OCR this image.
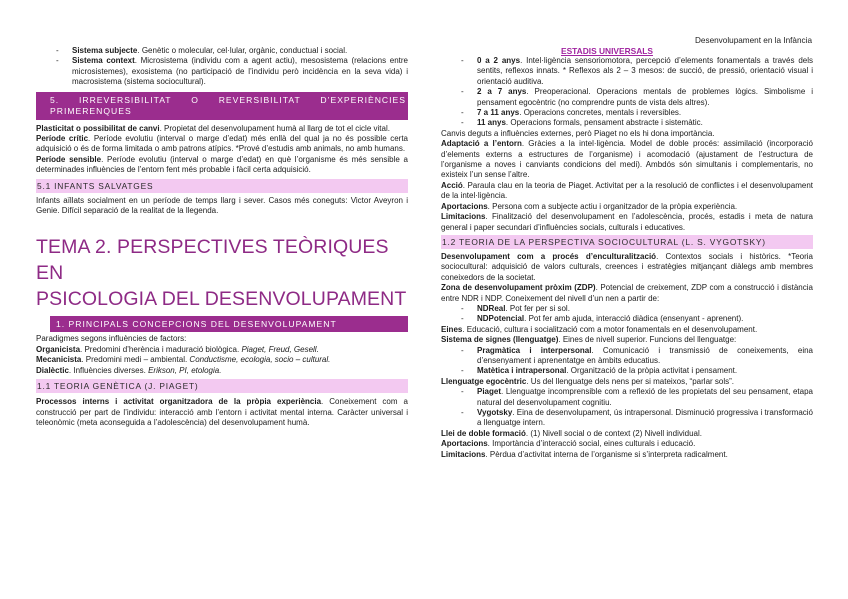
Desenvolupament en la Infància
- Sistema subjecte. Genètic o molecular, cel·lular, orgànic, conductual i social.
- Sistema context. Microsistema (individu com a agent actiu), mesosistema (relacions entre microsistemes), exosistema (no participació de l’individu però incidència en la seva vida) i macrosistema (sistema sociocultural).
5. IRREVERSIBILITAT O REVERSIBILITAT D’EXPERIÈNCIES PRIMERENQUES

Plasticitat o possibilitat de canvi. Propietat del desenvolupament humà al llarg de tot el cicle vital.

Període crític. Període evolutiu (interval o marge d’edat) més enllà del qual ja no és possible certa adquisició o és de forma limitada o amb patrons atípics. *Prové d’estudis amb animals, no amb humans.

Període sensible. Període evolutiu (interval o marge d’edat) en què l’organisme és més sensible a determinades influències de l’entorn fent més probable i fàcil certa adquisició.

5.1 INFANTS SALVATGES

Infants aïllats socialment en un període de temps llarg i sever. Casos més coneguts: Victor Aveyron i Genie. Difícil separació de la realitat de la llegenda.

TEMA 2. PERSPECTIVES TEÒRIQUES EN
PSICOLOGIA DEL DESENVOLUPAMENT
1. PRINCIPALS CONCEPCIONS DEL DESENVOLUPAMENT

Paradigmes segons influències de factors:

Organicista. Predomini d’herència i maduració biològica. Piaget, Freud, Gesell.

Mecanicista. Predomini medi – ambiental. Conductisme, ecologia, socio – cultural.

Dialèctic. Influències diverses. Erikson, PI, etologia.

1.1 TEORIA GENÈTICA (J. PIAGET)

Processos interns i activitat organitzadora de la pròpia experiència. Coneixement com a construcció per part de l’individu: interacció amb l’entorn i activitat mental interna. Caràcter universal i teleonòmic (meta aconseguida a l’adolescència) del desenvolupament humà.

ESTADIS UNIVERSALS

- 0 a 2 anys. Intel·ligència sensoriomotora, percepció d’elements fonamentals a través dels sentits, reflexos innats. * Reflexos als 2 – 3 mesos: de succió, de pressió, orientació visual i orientació auditiva.
- 2 a 7 anys. Preoperacional. Operacions mentals de problemes lògics. Simbolisme i pensament egocèntric (no comprendre punts de vista dels altres).
- 7 a 11 anys. Operacions concretes, mentals i reversibles.
- 11 anys. Operacions formals, pensament abstracte i sistemàtic.

Canvis deguts a influències externes, però Piaget no els hi dona importància.

Adaptació a l’entorn. Gràcies a la intel·ligència. Model de doble procés: assimilació (incorporació d’elements externs a estructures de l’organisme) i acomodació (ajustament de l’estructura de l’organisme a noves i canviants condicions del medi). Ambdós són simultanis i complementaris, no existeix l’un sense l’altre.

Acció. Paraula clau en la teoria de Piaget. Activitat per a la resolució de conflictes i el desenvolupament de la intel·ligència.

Aportacions. Persona com a subjecte actiu i organitzador de la pròpia experiència.

Limitacions. Finalització del desenvolupament en l’adolescència, procés, estadis i meta de natura general i paper secundari d’influències socials, culturals i educatives.

1.2 TEORIA DE LA PERSPECTIVA SOCIOCULTURAL (L. S. VYGOTSKY)

Desenvolupament com a procés d’enculturalització. Contextos socials i històrics. *Teoria sociocultural: adquisició de valors culturals, creences i estratègies mitjançant diàlegs amb membres coneixedors de la societat.

Zona de desenvolupament pròxim (ZDP). Potencial de creixement, ZDP com a construcció i distància entre NDR i NDP. Coneixement del nivell d’un nen a partir de:

- NDReal. Pot fer per si sol.
- NDPotencial. Pot fer amb ajuda, interacció diàdica (ensenyant - aprenent).

Eines. Educació, cultura i socialització com a motor fonamentals en el desenvolupament.

Sistema de signes (llenguatge). Eines de nivell superior. Funcions del llenguatge:

- Pragmàtica i interpersonal. Comunicació i transmissió de coneixements, eina d’ensenyament i aprenentatge en àmbits educatius.
- Matètica i intrapersonal. Organització de la pròpia activitat i pensament.

Llenguatge egocèntric. Us del llenguatge dels nens per si mateixos, “parlar sols”.

- Piaget. Llenguatge incomprensible com a reflexió de les propietats del seu pensament, etapa natural del desenvolupament cognitiu.
- Vygotsky. Eina de desenvolupament, ús intrapersonal. Disminució progressiva i transformació a llenguatge intern.

Llei de doble formació. (1) Nivell social o de context (2) Nivell individual.

Aportacions. Importància d’interacció social, eines culturals i educació.

Limitacions. Pèrdua d’activitat interna de l’organisme si s’interpreta radicalment.
